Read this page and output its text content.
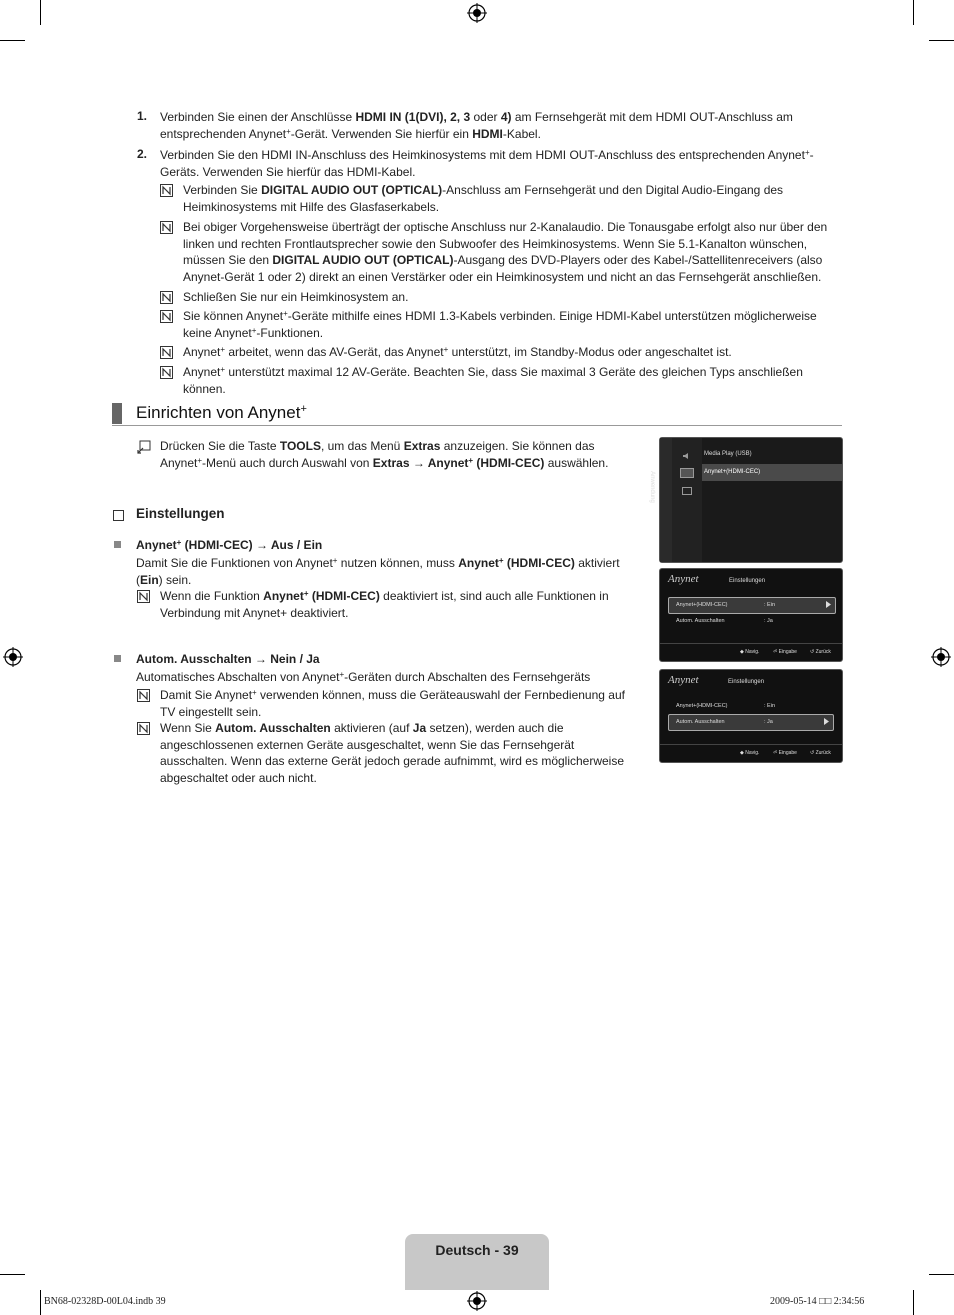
1. Verbinden Sie einen der Anschlüsse HDMI IN (1(DVI), 2, 3 oder 4) am Fernsehgerät mit dem HDMI OUT-Anschluss am
entsprechenden Anynet+-Gerät. Verwenden Sie hierfür ein HDMI-Kabel.
2. Verbinden Sie den HDMI IN-Anschluss des Heimkinosystems mit dem HDMI OUT-Anschluss des entsprechenden Anynet+-
Geräts. Verwenden Sie hierfür das HDMI-Kabel.
Verbinden Sie DIGITAL AUDIO OUT (OPTICAL)-Anschluss am Fernsehgerät und den Digital Audio-Eingang des
Heimkinosystems mit Hilfe des Glasfaserkabels.
Bei obiger Vorgehensweise überträgt der optische Anschluss nur 2-Kanalaudio. Die Tonausgabe erfolgt also nur über den
linken und rechten Frontlautsprecher sowie den Subwoofer des Heimkinosystems. Wenn Sie 5.1-Kanalton wünschen,
müssen Sie den DIGITAL AUDIO OUT (OPTICAL)-Ausgang des DVD-Players oder des Kabel-/Sattellitenreceivers (also
Anynet-Gerät 1 oder 2) direkt an einen Verstärker oder ein Heimkinosystem und nicht an das Fernsehgerät anschließen.
Schließen Sie nur ein Heimkinosystem an.
Sie können Anynet+-Geräte mithilfe eines HDMI 1.3-Kabels verbinden. Einige HDMI-Kabel unterstützen möglicherweise
keine Anynet+-Funktionen.
Anynet+ arbeitet, wenn das AV-Gerät, das Anynet+ unterstützt, im Standby-Modus oder angeschaltet ist.
Anynet+ unterstützt maximal 12 AV-Geräte. Beachten Sie, dass Sie maximal 3 Geräte des gleichen Typs anschließen können.
Einrichten von Anynet+
Drücken Sie die Taste TOOLS, um das Menü Extras anzuzeigen. Sie können das
Anynet+-Menü auch durch Auswahl von Extras → Anynet+ (HDMI-CEC) auswählen.
Einstellungen
Anynet+ (HDMI-CEC) → Aus / Ein
Damit Sie die Funktionen von Anynet+ nutzen können, muss Anynet+ (HDMI-CEC) aktiviert
(Ein) sein.
Wenn die Funktion Anynet+ (HDMI-CEC) deaktiviert ist, sind auch alle Funktionen in
Verbindung mit Anynet+ deaktiviert.
Autom. Ausschalten → Nein / Ja
Automatisches Abschalten von Anynet+-Geräten durch Abschalten des Fernsehgeräts
Damit Sie Anynet+ verwenden können, muss die Geräteauswahl der Fernbedienung auf
TV eingestellt sein.
Wenn Sie Autom. Ausschalten aktivieren (auf Ja setzen), werden auch die
angeschlossenen externen Geräte ausgeschaltet, wenn Sie das Fernsehgerät
ausschalten. Wenn das externe Gerät jedoch gerade aufnimmt, wird es möglicherweise
abgeschaltet oder auch nicht.
Anwendung
Media Play (USB)
Anynet+(HDMI-CEC)
Anynet	Einstellungen
Anynet+(HDMI-CEC)	: Ein
Autom. Ausschalten	: Ja
◆ Navig.	⏎ Eingabe	↺ Zurück
Anynet	Einstellungen
Anynet+(HDMI-CEC)	: Ein
Autom. Ausschalten	: Ja
◆ Navig.	⏎ Eingabe	↺ Zurück
Deutsch - 39
BN68-02328D-00L04.indb 39	2009-05-14 □□ 2:34:56
